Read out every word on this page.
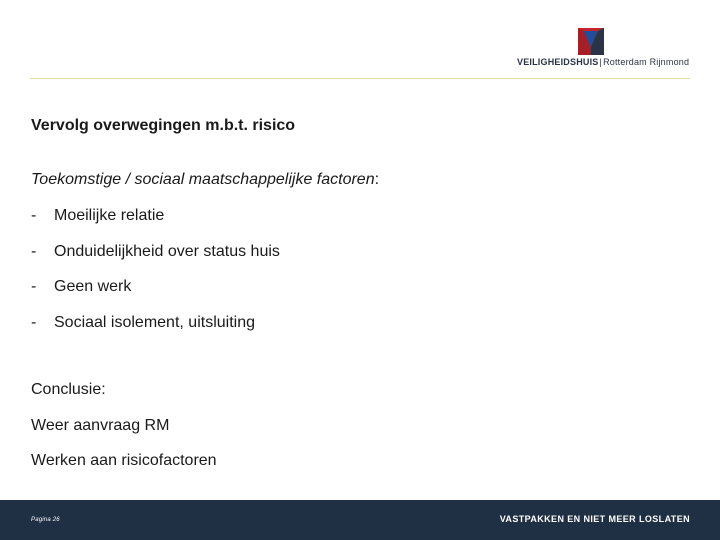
VEILIGHEIDSHUIS|Rotterdam Rijnmond
Vervolg overwegingen m.b.t. risico
Toekomstige / sociaal maatschappelijke factoren:
- Moeilijke relatie
- Onduidelijkheid over status huis
- Geen werk
- Sociaal isolement, uitsluiting
Conclusie:
Weer aanvraag RM
Werken aan risicofactoren
Pagina 26	VASTPAKKEN EN NIET MEER LOSLATEN
